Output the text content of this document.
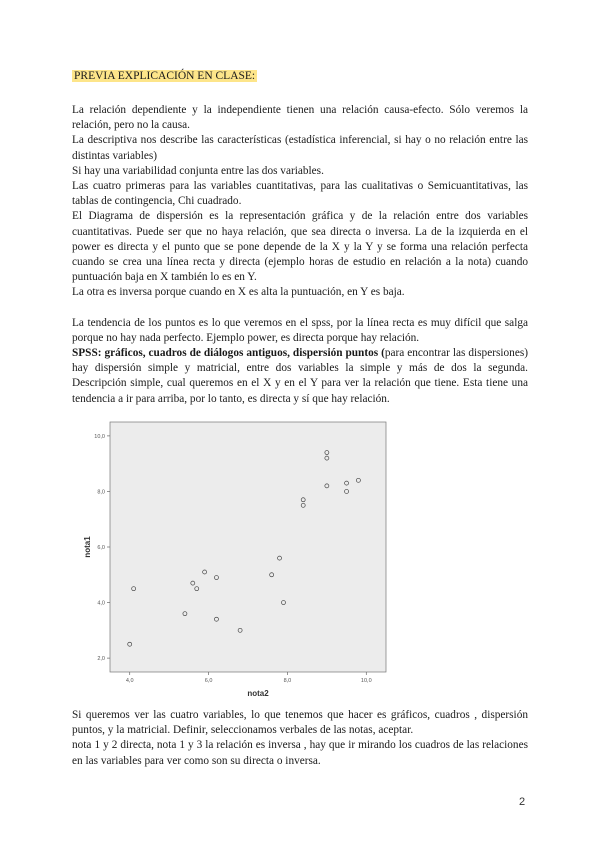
PREVIA EXPLICACIÓN EN CLASE:

La relación dependiente y la independiente tienen una relación causa-efecto. Sólo veremos la relación, pero no la causa.

La descriptiva nos describe las características (estadística inferencial, si hay o no relación entre las distintas variables)

Si hay una variabilidad conjunta entre las dos variables.

Las cuatro primeras para las variables cuantitativas, para las cualitativas o Semicuantitativas, las tablas de contingencia, Chi cuadrado.

El Diagrama de dispersión es la representación gráfica y de la relación entre dos variables cuantitativas. Puede ser que no haya relación, que sea directa o inversa. La de la izquierda en el power es directa y el punto que se pone depende de la X y la Y y se forma una relación perfecta cuando se crea una línea recta y directa (ejemplo horas de estudio en relación a la nota) cuando puntuación baja en X también lo es en Y.

La otra es inversa porque cuando en X es alta la puntuación, en Y es baja.

La tendencia de los puntos es lo que veremos en el spss, por la línea recta es muy difícil que salga porque no hay nada perfecto. Ejemplo power, es directa porque hay relación.

SPSS: gráficos, cuadros de diálogos antiguos, dispersión puntos (para encontrar las dispersiones) hay dispersión simple y matricial, entre dos variables la simple y más de dos la segunda. Descripción simple, cual queremos en el X y en el Y para ver la relación que tiene. Esta tiene una tendencia a ir para arriba, por lo tanto, es directa y sí que hay relación.

2,0
4,0
6,0
8,0
10,0
4,0	6,0	8,0	10,0
nota2
nota1

Si queremos ver las cuatro variables, lo que tenemos que hacer es gráficos, cuadros , dispersión puntos, y la matricial. Definir, seleccionamos verbales de las notas, aceptar.

nota 1 y 2 directa, nota 1 y 3 la relación es inversa , hay que ir mirando los cuadros de las relaciones en las variables para ver como son su directa o inversa.

2
